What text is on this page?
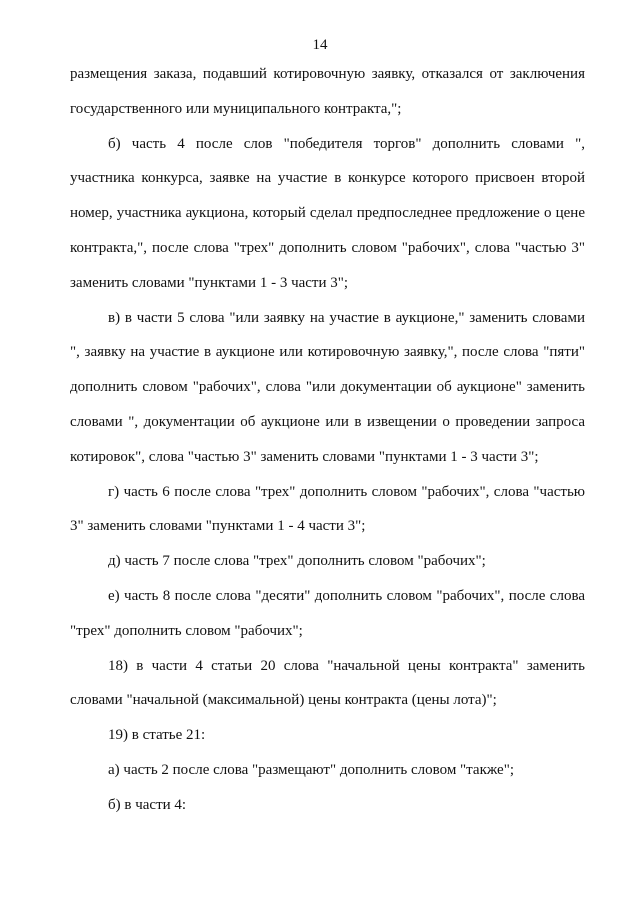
14

размещения заказа, подавший котировочную заявку, отказался от заключения государственного или муниципального контракта,";

б) часть 4 после слов "победителя торгов" дополнить словами ", участника конкурса, заявке на участие в конкурсе которого присвоен второй номер, участника аукциона, который сделал предпоследнее предложение о цене контракта,", после слова "трех" дополнить словом "рабочих", слова "частью 3" заменить словами "пунктами 1 - 3 части 3";

в) в части 5 слова "или заявку на участие в аукционе," заменить словами ", заявку на участие в аукционе или котировочную заявку,", после слова "пяти" дополнить словом "рабочих", слова "или документации об аукционе" заменить словами ", документации об аукционе или в извещении о проведении запроса котировок", слова "частью 3" заменить словами "пунктами 1 - 3 части 3";

г) часть 6 после слова "трех" дополнить словом "рабочих", слова "частью 3" заменить словами "пунктами 1 - 4 части 3";

д) часть 7 после слова "трех" дополнить словом "рабочих";

е) часть 8 после слова "десяти" дополнить словом "рабочих", после слова "трех" дополнить словом "рабочих";

18) в части 4 статьи 20 слова "начальной цены контракта" заменить словами "начальной (максимальной) цены контракта (цены лота)";

19) в статье 21:

а) часть 2 после слова "размещают" дополнить словом "также";

б) в части 4:
